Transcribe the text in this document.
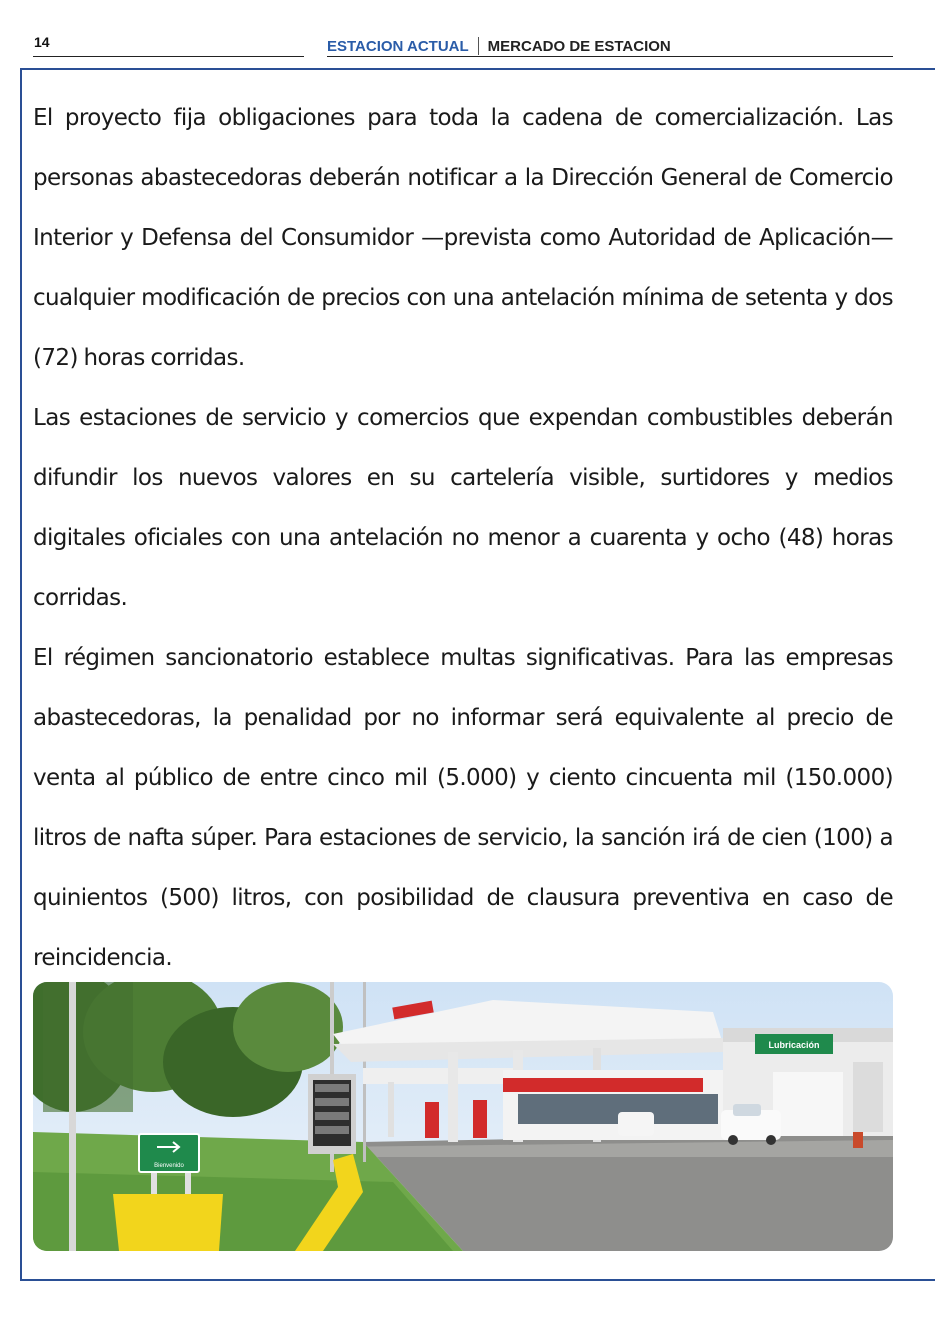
14	ESTACION ACTUAL MERCADO DE ESTACION

El proyecto fija obligaciones para toda la cadena de comercialización. Las personas abastecedoras deberán notificar a la Dirección General de Comercio Interior y Defensa del Consumidor —prevista como Autoridad de Aplicación— cualquier modificación de precios con una antelación mínima de setenta y dos (72) horas corridas.

Las estaciones de servicio y comercios que expendan combustibles deberán difundir los nuevos valores en su cartelería visible, surtidores y medios digitales oficiales con una antelación no menor a cuarenta y ocho (48) horas corridas.

El régimen sancionatorio establece multas significativas. Para las empresas abastecedoras, la penalidad por no informar será equivalente al precio de venta al público de entre cinco mil (5.000) y ciento cincuenta mil (150.000) litros de nafta súper. Para estaciones de servicio, la sanción irá de cien (100) a quinientos (500) litros, con posibilidad de clausura preventiva en caso de reincidencia.

Lubricación
Bienvenido
